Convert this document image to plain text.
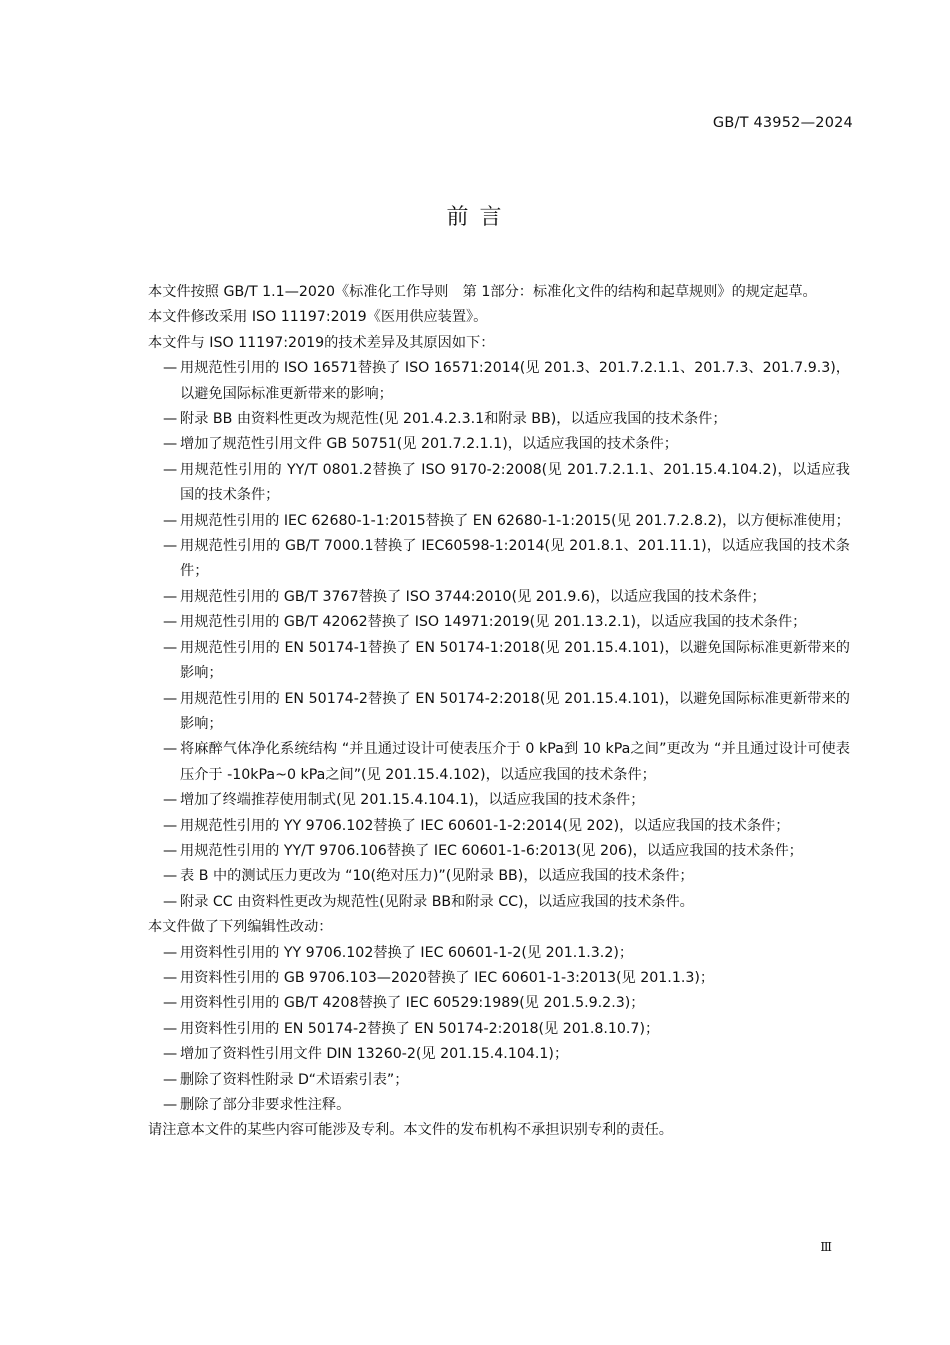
GB/T 43952—2024
前 言

本文件按照 GB/T 1.1—2020《标准化工作导则　第 1部分：标准化文件的结构和起草规则》的规定起草。

本文件修改采用 ISO 11197:2019《医用供应装置》。

本文件与 ISO 11197:2019的技术差异及其原因如下：

— 用规范性引用的 ISO 16571替换了 ISO 16571:2014(见 201.3、201.7.2.1.1、201.7.3、201.7.9.3)，以避免国际标准更新带来的影响；

— 附录 BB 由资料性更改为规范性(见 201.4.2.3.1和附录 BB)，以适应我国的技术条件；

— 增加了规范性引用文件 GB 50751(见 201.7.2.1.1)，以适应我国的技术条件；

— 用规范性引用的 YY/T 0801.2替换了 ISO 9170-2:2008(见 201.7.2.1.1、201.15.4.104.2)，以适应我国的技术条件；

— 用规范性引用的 IEC 62680-1-1:2015替换了 EN 62680-1-1:2015(见 201.7.2.8.2)，以方便标准使用；

— 用规范性引用的 GB/T 7000.1替换了 IEC60598-1:2014(见 201.8.1、201.11.1)，以适应我国的技术条件；

— 用规范性引用的 GB/T 3767替换了 ISO 3744:2010(见 201.9.6)，以适应我国的技术条件；

— 用规范性引用的 GB/T 42062替换了 ISO 14971:2019(见 201.13.2.1)，以适应我国的技术条件；

— 用规范性引用的 EN 50174-1替换了 EN 50174-1:2018(见 201.15.4.101)，以避免国际标准更新带来的影响；

— 用规范性引用的 EN 50174-2替换了 EN 50174-2:2018(见 201.15.4.101)，以避免国际标准更新带来的影响；

— 将麻醉气体净化系统结构 “并且通过设计可使表压介于 0 kPa到 10 kPa之间”更改为 “并且通过设计可使表压介于 -10kPa~0 kPa之间”(见 201.15.4.102)，以适应我国的技术条件；

— 增加了终端推荐使用制式(见 201.15.4.104.1)，以适应我国的技术条件；

— 用规范性引用的 YY 9706.102替换了 IEC 60601-1-2:2014(见 202)，以适应我国的技术条件；

— 用规范性引用的 YY/T 9706.106替换了 IEC 60601-1-6:2013(见 206)，以适应我国的技术条件；

— 表 B 中的测试压力更改为 “10(绝对压力)”(见附录 BB)，以适应我国的技术条件；

— 附录 CC 由资料性更改为规范性(见附录 BB和附录 CC)，以适应我国的技术条件。

本文件做了下列编辑性改动：

— 用资料性引用的 YY 9706.102替换了 IEC 60601-1-2(见 201.1.3.2)；

— 用资料性引用的 GB 9706.103—2020替换了 IEC 60601-1-3:2013(见 201.1.3)；

— 用资料性引用的 GB/T 4208替换了 IEC 60529:1989(见 201.5.9.2.3)；

— 用资料性引用的 EN 50174-2替换了 EN 50174-2:2018(见 201.8.10.7)；

— 增加了资料性引用文件 DIN 13260-2(见 201.15.4.104.1)；

— 删除了资料性附录 D“术语索引表”；

— 删除了部分非要求性注释。

请注意本文件的某些内容可能涉及专利。本文件的发布机构不承担识别专利的责任。

Ⅲ
